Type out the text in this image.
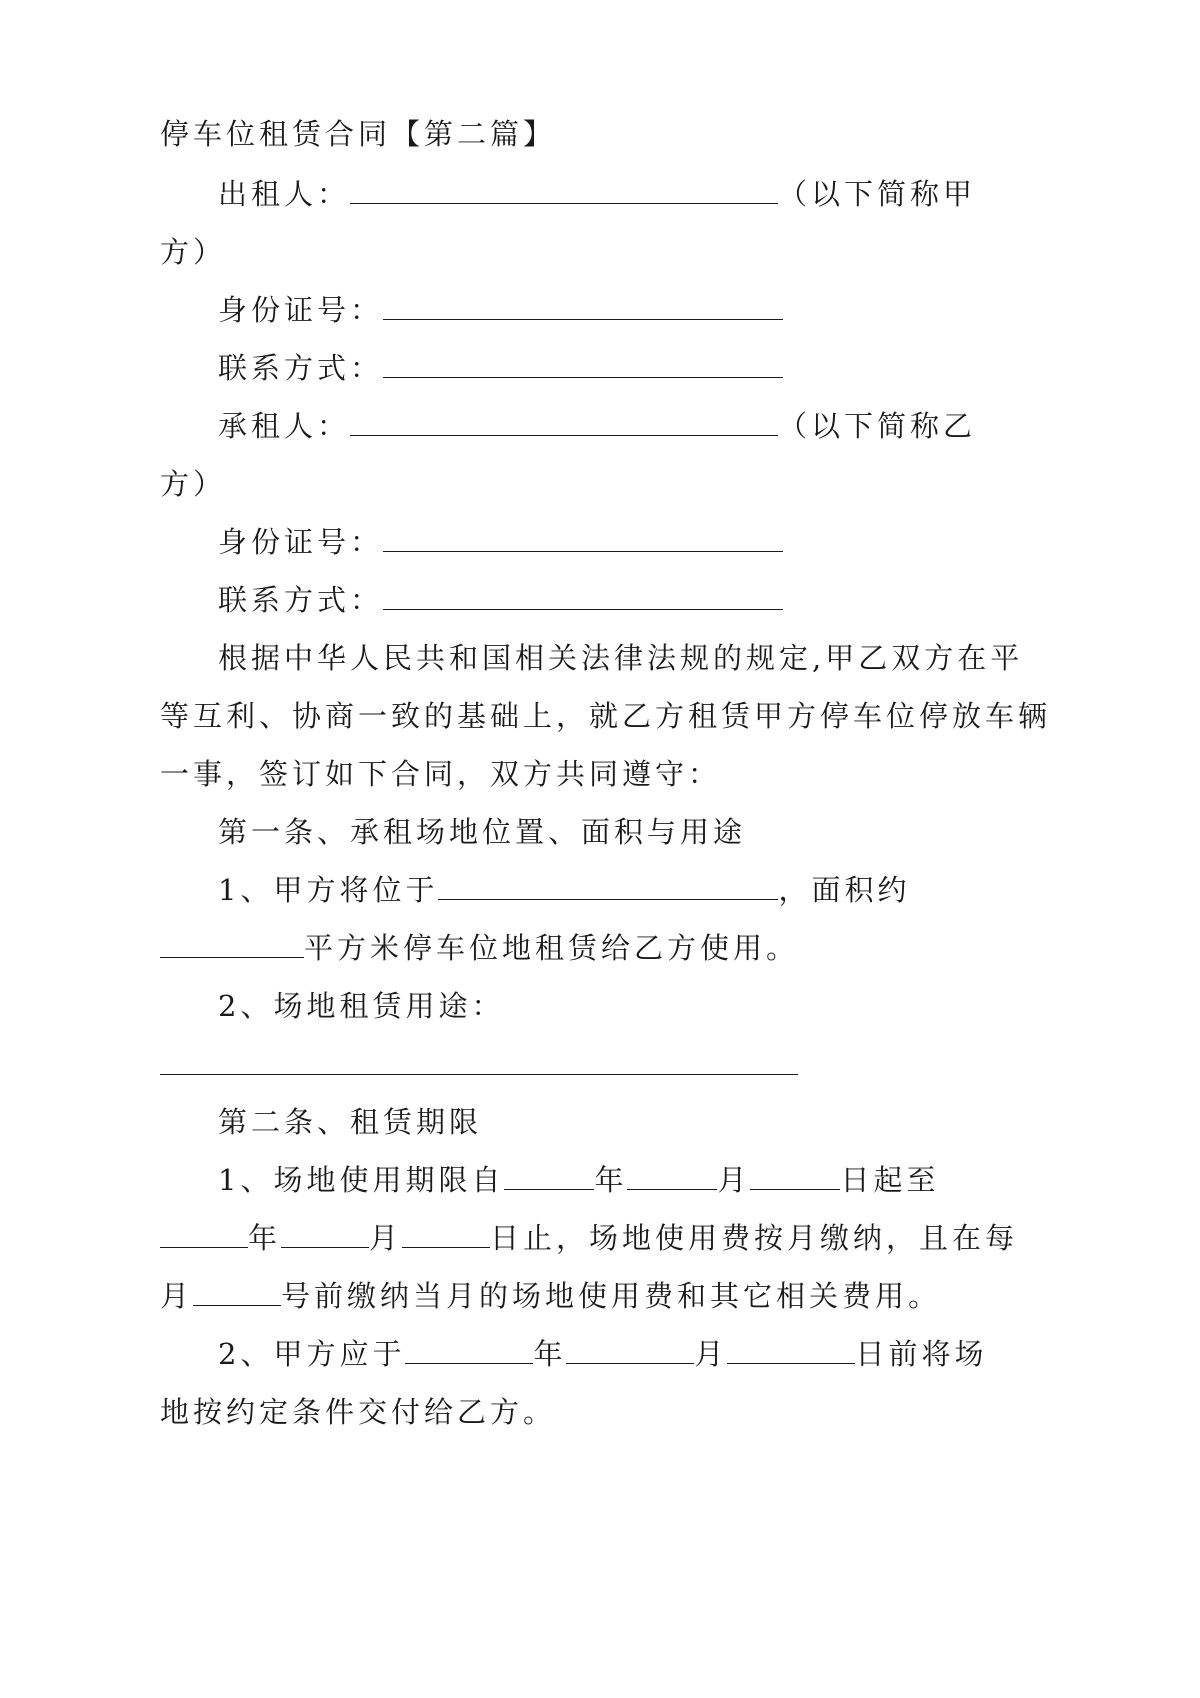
停车位租赁合同【第二篇】
出租人：	（以下简称甲
方）
身份证号：
联系方式：
承租人：	（以下简称乙
方）
身份证号：
联系方式：
根据中华人民共和国相关法律法规的规定,甲乙双方在平
等互利、协商一致的基础上，就乙方租赁甲方停车位停放车辆
一事，签订如下合同，双方共同遵守：
第一条、承租场地位置、面积与用途
1、甲方将位于	，面积约
平方米停车位地租赁给乙方使用。
2、场地租赁用途：
第二条、租赁期限
1、场地使用期限自	年	月	日起至
年	月	日止，场地使用费按月缴纳，且在每
月	号前缴纳当月的场地使用费和其它相关费用。
2、甲方应于	年	月	日前将场
地按约定条件交付给乙方。
